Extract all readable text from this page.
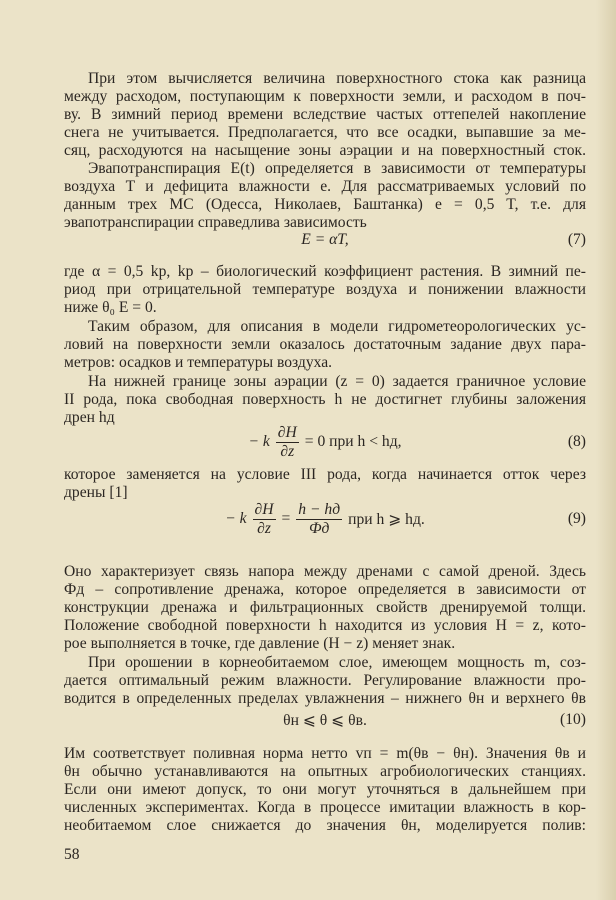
При этом вычисляется величина поверхностного стока как разница
между расходом, поступающим к поверхности земли, и расходом в поч-
ву. В зимний период времени вследствие частых оттепелей накопление
снега не учитывается. Предполагается, что все осадки, выпавшие за ме-
сяц, расходуются на насыщение зоны аэрации и на поверхностный сток.
Эвапотранспирация E(t) определяется в зависимости от температуры
воздуха T и дефицита влажности e. Для рассматриваемых условий по
данным трех МС (Одесса, Николаев, Баштанка) e = 0,5 T, т.е. для
эвапотранспирации справедлива зависимость
E = αT,	(7)
где α = 0,5 kр, kр – биологический коэффициент растения. В зимний пе-
риод при отрицательной температуре воздуха и понижении влажности
ниже θ₀ E = 0.
Таким образом, для описания в модели гидрометеорологических ус-
ловий на поверхности земли оказалось достаточным задание двух пара-
метров: осадков и температуры воздуха.
На нижней границе зоны аэрации (z = 0) задается граничное условие
II рода, пока свободная поверхность h не достигнет глубины заложения
дрен hд
− k $\frac{\partial H}{\partial z} = 0$ при h < hд,	(8)
которое заменяется на условие III рода, когда начинается отток через
дрены [1]
− k $\frac{\partial H}{\partial z} = \frac{h - hд}{Фд}$ при h ⩾ hд.	(9)
Оно характеризует связь напора между дренами с самой дреной. Здесь
Фд – сопротивление дренажа, которое определяется в зависимости от
конструкции дренажа и фильтрационных свойств дренируемой толщи.
Положение свободной поверхности h находится из условия H = z, кото-
рое выполняется в точке, где давление (H − z) меняет знак.
При орошении в корнеобитаемом слое, имеющем мощность m, соз-
дается оптимальный режим влажности. Регулирование влажности про-
водится в определенных пределах увлажнения – нижнего θн и верхнего θв
θн ⩽ θ ⩽ θв.	(10)
Им соответствует поливная норма нетто vп = m(θв − θн). Значения θв и
θн обычно устанавливаются на опытных агробиологических станциях.
Если они имеют допуск, то они могут уточняться в дальнейшем при
численных экспериментах. Когда в процессе имитации влажность в кор-
необитаемом слое снижается до значения θн, моделируется полив:
58
